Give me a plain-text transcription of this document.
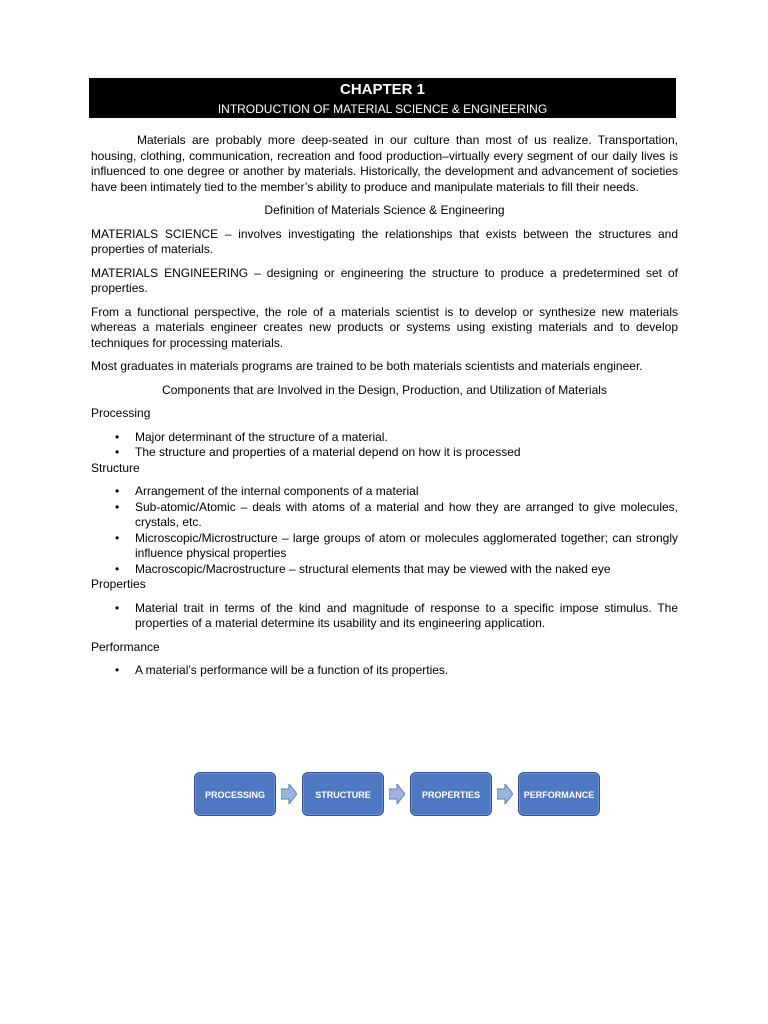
CHAPTER 1
INTRODUCTION OF MATERIAL SCIENCE & ENGINEERING

Materials are probably more deep-seated in our culture than most of us realize. Transportation, housing, clothing, communication, recreation and food production–virtually every segment of our daily lives is influenced to one degree or another by materials. Historically, the development and advancement of societies have been intimately tied to the member’s ability to produce and manipulate materials to fill their needs.

Definition of Materials Science & Engineering

MATERIALS SCIENCE – involves investigating the relationships that exists between the structures and properties of materials.

MATERIALS ENGINEERING – designing or engineering the structure to produce a predetermined set of properties.

From a functional perspective, the role of a materials scientist is to develop or synthesize new materials whereas a materials engineer creates new products or systems using existing materials and to develop techniques for processing materials.

Most graduates in materials programs are trained to be both materials scientists and materials engineer.

Components that are Involved in the Design, Production, and Utilization of Materials

Processing

• Major determinant of the structure of a material.
• The structure and properties of a material depend on how it is processed

Structure

• Arrangement of the internal components of a material
• Sub-atomic/Atomic – deals with atoms of a material and how they are arranged to give molecules, crystals, etc.
• Microscopic/Microstructure – large groups of atom or molecules agglomerated together; can strongly influence physical properties
• Macroscopic/Macrostructure – structural elements that may be viewed with the naked eye

Properties

• Material trait in terms of the kind and magnitude of response to a specific impose stimulus. The properties of a material determine its usability and its engineering application.

Performance

• A material’s performance will be a function of its properties.
PROCESSING	STRUCTURE	PROPERTIES	PERFORMANCE
